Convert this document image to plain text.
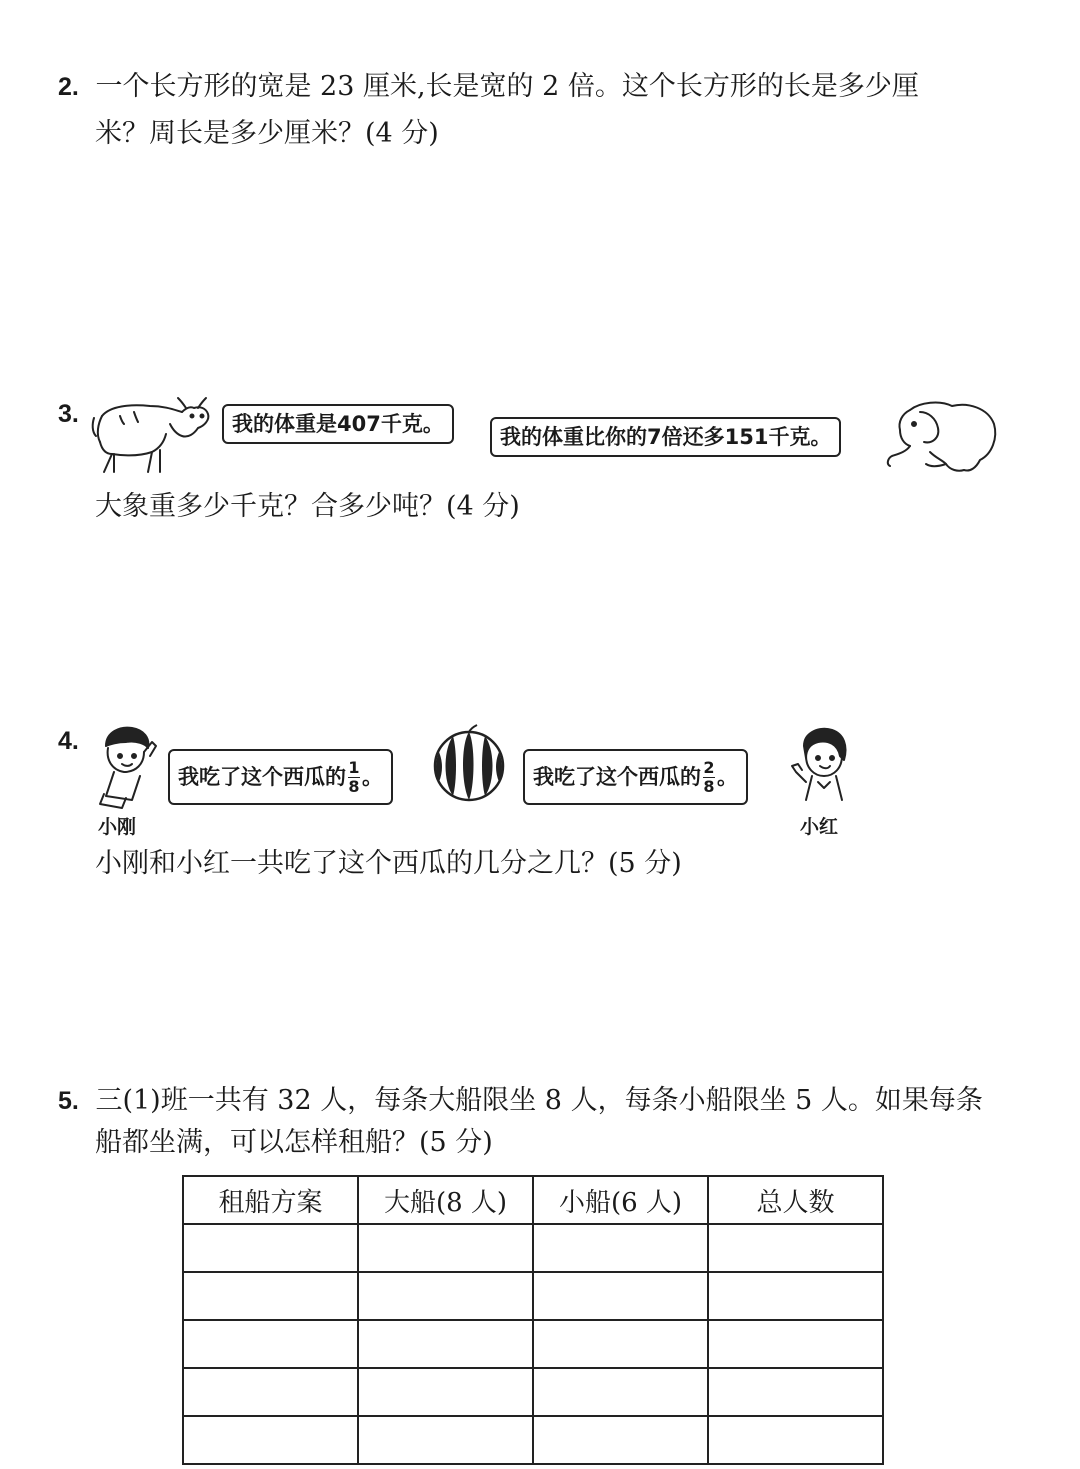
2. 一个长方形的宽是 23 厘米,长是宽的 2 倍。这个长方形的长是多少厘
米？周长是多少厘米？(4 分)
3.	我的体重是407千克。
我的体重比你的7倍还多151千克。
大象重多少千克？合多少吨？(4 分)
4.
我吃了这个西瓜的 $\frac{1}{8}$ 。	我吃了这个西瓜的 $\frac{2}{8}$ 。
小刚	小红
小刚和小红一共吃了这个西瓜的几分之几？(5 分)
5. 三(1)班一共有 32 人，每条大船限坐 8 人，每条小船限坐 5 人。如果每条
船都坐满，可以怎样租船？(5 分)
租船方案	大船(8 人)	小船(6 人)	总人数
